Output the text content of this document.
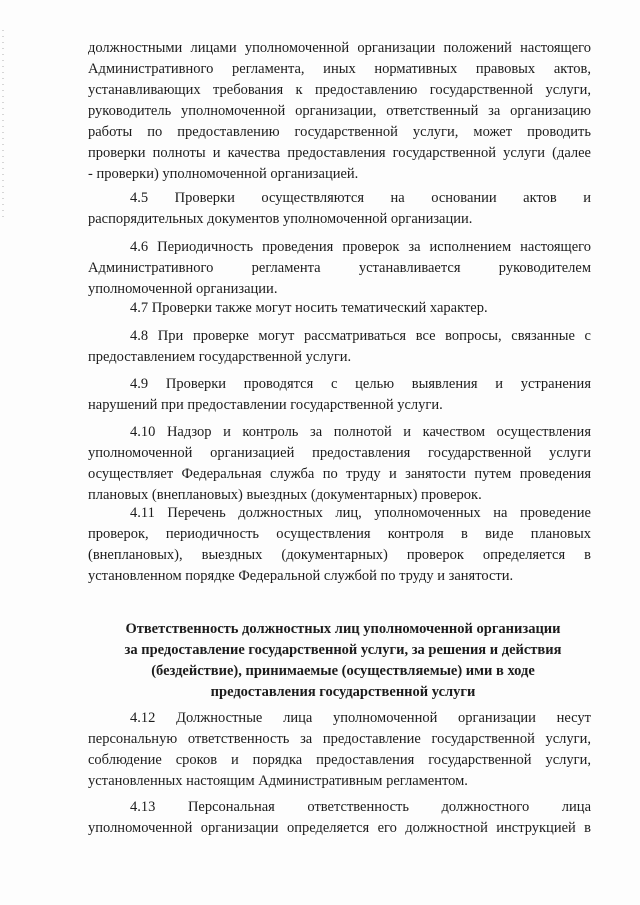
должностными лицами уполномоченной организации положений настоящего
Административного регламента, иных нормативных правовых актов,
устанавливающих требования к предоставлению государственной услуги,
руководитель уполномоченной организации, ответственный за организацию
работы по предоставлению государственной услуги, может проводить
проверки полноты и качества предоставления государственной услуги (далее
- проверки) уполномоченной организацией.
4.5 Проверки осуществляются на основании актов и
распорядительных документов уполномоченной организации.
4.6 Периодичность проведения проверок за исполнением настоящего
Административного регламента устанавливается руководителем
уполномоченной организации.
4.7 Проверки также могут носить тематический характер.
4.8 При проверке могут рассматриваться все вопросы, связанные с
предоставлением государственной услуги.
4.9 Проверки проводятся с целью выявления и устранения
нарушений при предоставлении государственной услуги.
4.10 Надзор и контроль за полнотой и качеством осуществления
уполномоченной организацией предоставления государственной услуги
осуществляет Федеральная служба по труду и занятости путем проведения
плановых (внеплановых) выездных (документарных) проверок.
4.11 Перечень должностных лиц, уполномоченных на проведение
проверок, периодичность осуществления контроля в виде плановых
(внеплановых), выездных (документарных) проверок определяется в
установленном порядке Федеральной службой по труду и занятости.
Ответственность должностных лиц уполномоченной организации
за предоставление государственной услуги, за решения и действия
(бездействие), принимаемые (осуществляемые) ими в ходе
предоставления государственной услуги
4.12 Должностные лица уполномоченной организации несут
персональную ответственность за предоставление государственной услуги,
соблюдение сроков и порядка предоставления государственной услуги,
установленных настоящим Административным регламентом.
4.13 Персональная ответственность должностного лица
уполномоченной организации определяется его должностной инструкцией в
